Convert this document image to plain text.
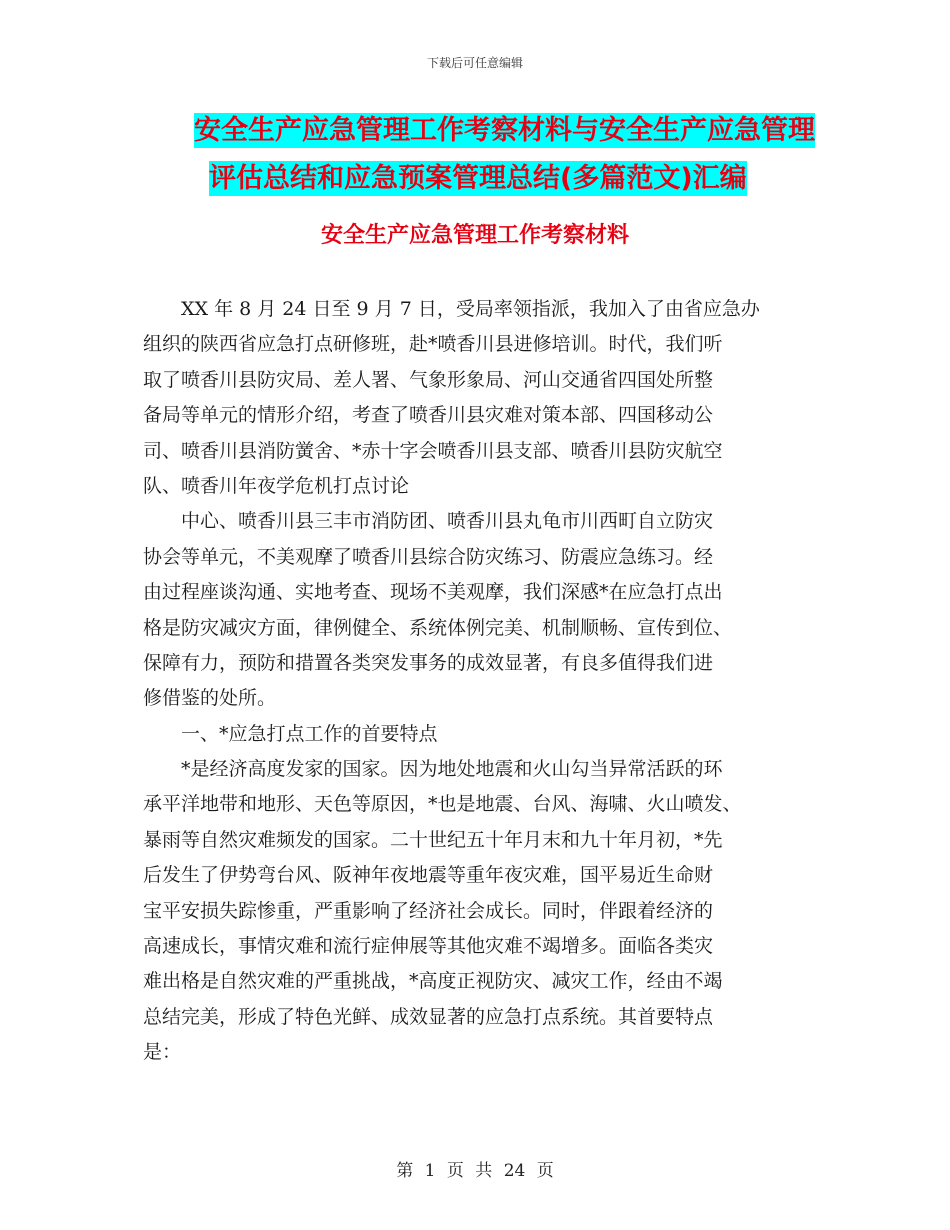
下载后可任意编辑
安全生产应急管理工作考察材料与安全生产应急管理
评估总结和应急预案管理总结(多篇范文)汇编
安全生产应急管理工作考察材料
　　XX 年 8 月 24 日至 9 月 7 日，受局率领指派，我加入了由省应急办
组织的陕西省应急打点研修班，赴*喷香川县进修培训。时代，我们听
取了喷香川县防灾局、差人署、气象形象局、河山交通省四国处所整
备局等单元的情形介绍，考查了喷香川县灾难对策本部、四国移动公
司、喷香川县消防黉舍、*赤十字会喷香川县支部、喷香川县防灾航空
队、喷香川年夜学危机打点讨论
　　中心、喷香川县三丰市消防团、喷香川县丸龟市川西町自立防灾
协会等单元，不美观摩了喷香川县综合防灾练习、防震应急练习。经
由过程座谈沟通、实地考查、现场不美观摩，我们深感*在应急打点出
格是防灾减灾方面，律例健全、系统体例完美、机制顺畅、宣传到位、
保障有力，预防和措置各类突发事务的成效显著，有良多值得我们进
修借鉴的处所。
　　一、*应急打点工作的首要特点
　　*是经济高度发家的国家。因为地处地震和火山勾当异常活跃的环
承平洋地带和地形、天色等原因，*也是地震、台风、海啸、火山喷发、
暴雨等自然灾难频发的国家。二十世纪五十年月末和九十年月初，*先
后发生了伊势弯台风、阪神年夜地震等重年夜灾难，国平易近生命财
宝平安损失踪惨重，严重影响了经济社会成长。同时，伴跟着经济的
高速成长，事情灾难和流行症伸展等其他灾难不竭增多。面临各类灾
难出格是自然灾难的严重挑战，*高度正视防灾、减灾工作，经由不竭
总结完美，形成了特色光鲜、成效显著的应急打点系统。其首要特点
是：
第 1 页 共 24 页
